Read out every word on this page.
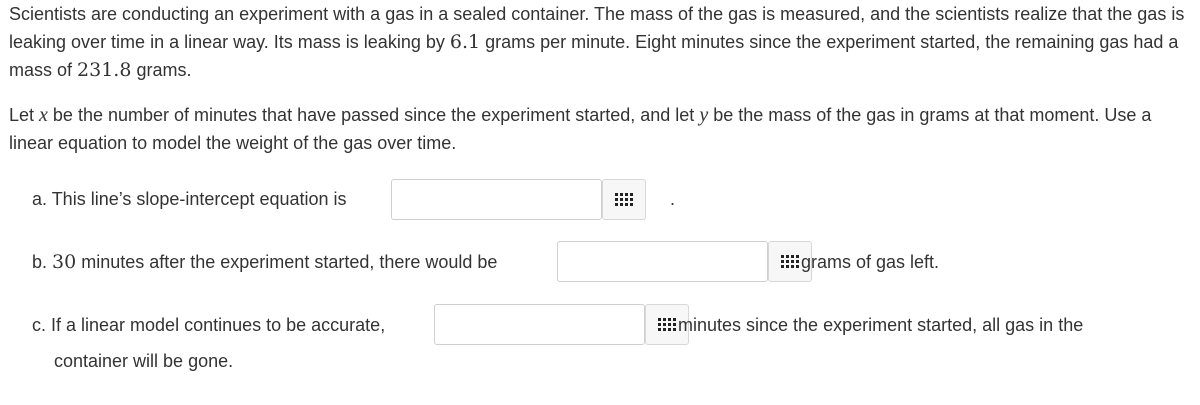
Scientists are conducting an experiment with a gas in a sealed container. The mass of the gas is measured, and the scientists realize that the gas is leaking over time in a linear way. Its mass is leaking by 6.1 grams per minute. Eight minutes since the experiment started, the remaining gas had a mass of 231.8 grams.

Let x be the number of minutes that have passed since the experiment started, and let y be the mass of the gas in grams at that moment. Use a linear equation to model the weight of the gas over time.

a. This line’s slope-intercept equation is	.
b. 30 minutes after the experiment started, there would be	grams of gas left.
c. If a linear model continues to be accurate,	minutes since the experiment started, all gas in the
container will be gone.
